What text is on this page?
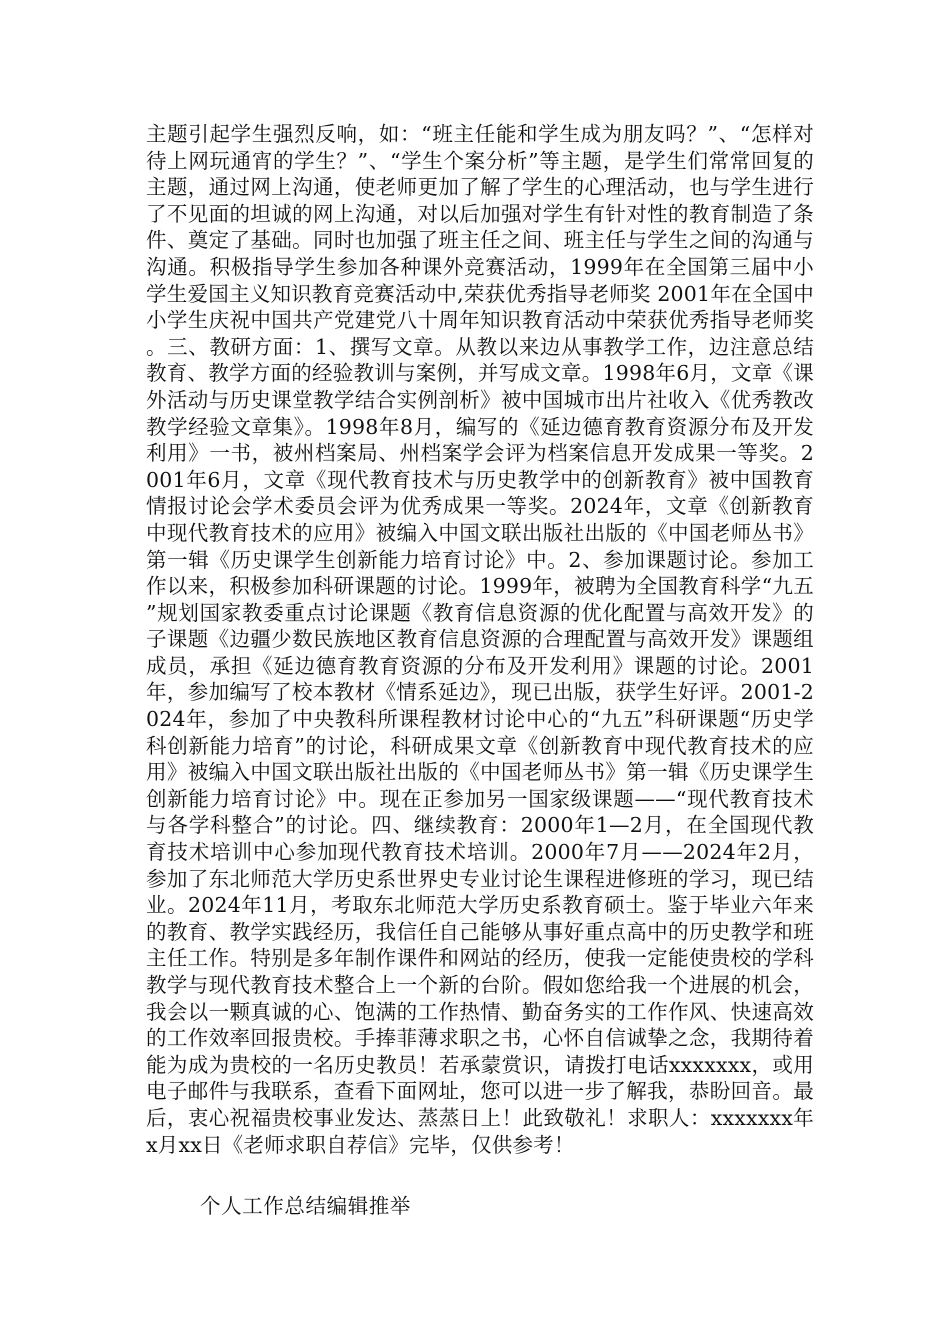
主题引起学生强烈反响，如：“班主任能和学生成为朋友吗？”、“怎样对待上网玩通宵的学生？”、“学生个案分析”等主题，是学生们常常回复的主题，通过网上沟通，使老师更加了解了学生的心理活动，也与学生进行了不见面的坦诚的网上沟通，对以后加强对学生有针对性的教育制造了条件、奠定了基础。同时也加强了班主任之间、班主任与学生之间的沟通与沟通。积极指导学生参加各种课外竞赛活动，1999年在全国第三届中小学生爱国主义知识教育竞赛活动中,荣获优秀指导老师奖 2001年在全国中小学生庆祝中国共产党建党八十周年知识教育活动中荣获优秀指导老师奖。三、教研方面：1、撰写文章。从教以来边从事教学工作，边注意总结教育、教学方面的经验教训与案例，并写成文章。1998年6月，文章《课外活动与历史课堂教学结合实例剖析》被中国城市出片社收入《优秀教改教学经验文章集》。1998年8月，编写的《延边德育教育资源分布及开发利用》一书，被州档案局、州档案学会评为档案信息开发成果一等奖。2001年6月，文章《现代教育技术与历史教学中的创新教育》被中国教育情报讨论会学术委员会评为优秀成果一等奖。2024年，文章《创新教育中现代教育技术的应用》被编入中国文联出版社出版的《中国老师丛书》第一辑《历史课学生创新能力培育讨论》中。2、参加课题讨论。参加工作以来，积极参加科研课题的讨论。1999年，被聘为全国教育科学“九五”规划国家教委重点讨论课题《教育信息资源的优化配置与高效开发》的子课题《边疆少数民族地区教育信息资源的合理配置与高效开发》课题组成员，承担《延边德育教育资源的分布及开发利用》课题的讨论。2001年，参加编写了校本教材《情系延边》，现已出版，获学生好评。2001-2024年，参加了中央教科所课程教材讨论中心的“九五”科研课题“历史学科创新能力培育”的讨论，科研成果文章《创新教育中现代教育技术的应用》被编入中国文联出版社出版的《中国老师丛书》第一辑《历史课学生创新能力培育讨论》中。现在正参加另一国家级课题——“现代教育技术与各学科整合”的讨论。四、继续教育：2000年1—2月，在全国现代教育技术培训中心参加现代教育技术培训。2000年7月——2024年2月，参加了东北师范大学历史系世界史专业讨论生课程进修班的学习，现已结业。2024年11月，考取东北师范大学历史系教育硕士。鉴于毕业六年来的教育、教学实践经历，我信任自己能够从事好重点高中的历史教学和班主任工作。特别是多年制作课件和网站的经历，使我一定能使贵校的学科教学与现代教育技术整合上一个新的台阶。假如您给我一个进展的机会，我会以一颗真诚的心、饱满的工作热情、勤奋务实的工作作风、快速高效的工作效率回报贵校。手捧菲薄求职之书，心怀自信诚挚之念，我期待着能为成为贵校的一名历史教员！若承蒙赏识，请拨打电话xxxxxxx，或用电子邮件与我联系，查看下面网址，您可以进一步了解我，恭盼回音。最后，衷心祝福贵校事业发达、蒸蒸日上！此致敬礼！求职人：xxxxxxx年x月xx日《老师求职自荐信》完毕，仅供参考！

个人工作总结编辑推举
